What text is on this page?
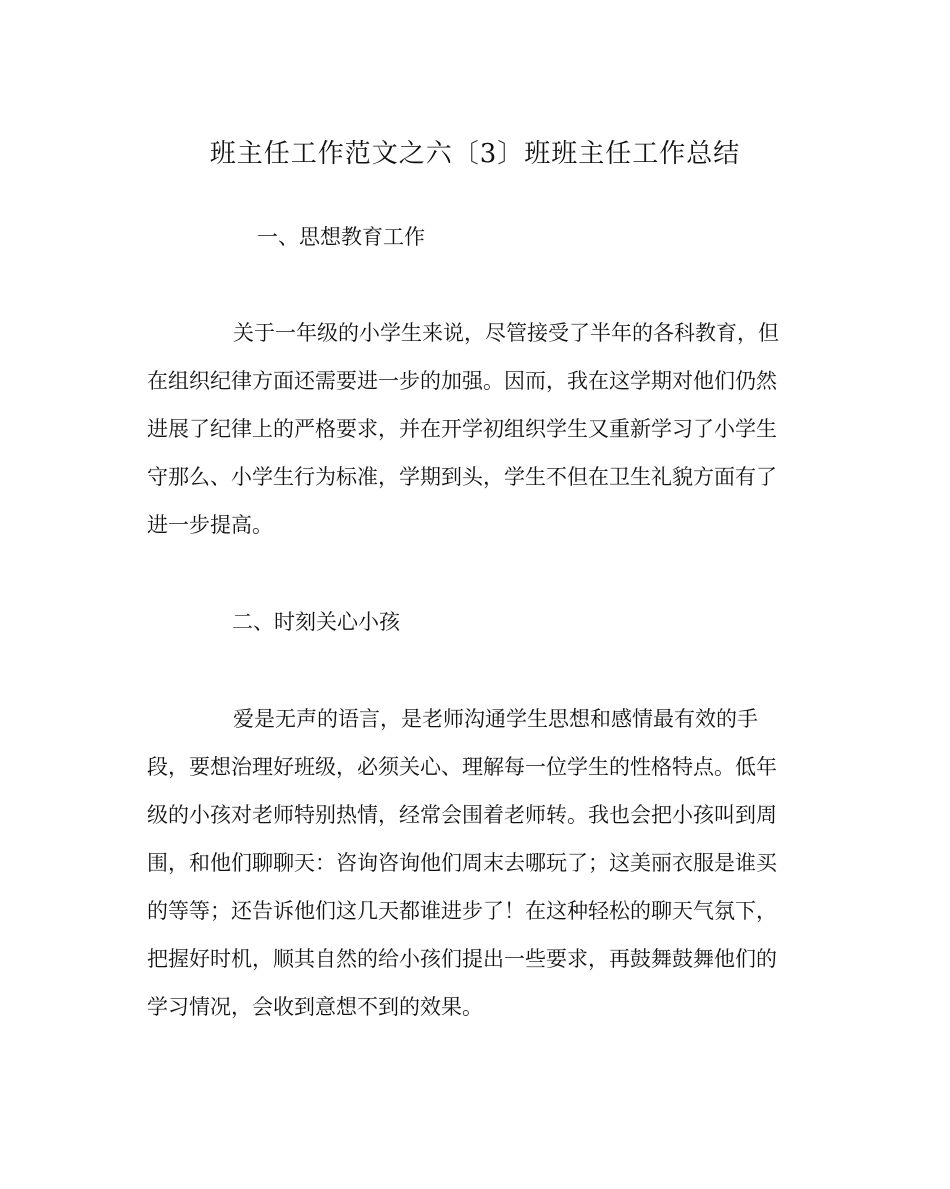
班主任工作范文之六〔3〕班班主任工作总结
一、思想教育工作
关于一年级的小学生来说，尽管接受了半年的各科教育，但
在组织纪律方面还需要进一步的加强。因而，我在这学期对他们仍然
进展了纪律上的严格要求，并在开学初组织学生又重新学习了小学生
守那么、小学生行为标准，学期到头，学生不但在卫生礼貌方面有了
进一步提高。
二、时刻关心小孩
爱是无声的语言，是老师沟通学生思想和感情最有效的手
段，要想治理好班级，必须关心、理解每一位学生的性格特点。低年
级的小孩对老师特别热情，经常会围着老师转。我也会把小孩叫到周
围，和他们聊聊天：咨询咨询他们周末去哪玩了；这美丽衣服是谁买
的等等；还告诉他们这几天都谁进步了！在这种轻松的聊天气氛下，
把握好时机，顺其自然的给小孩们提出一些要求，再鼓舞鼓舞他们的
学习情况，会收到意想不到的效果。
